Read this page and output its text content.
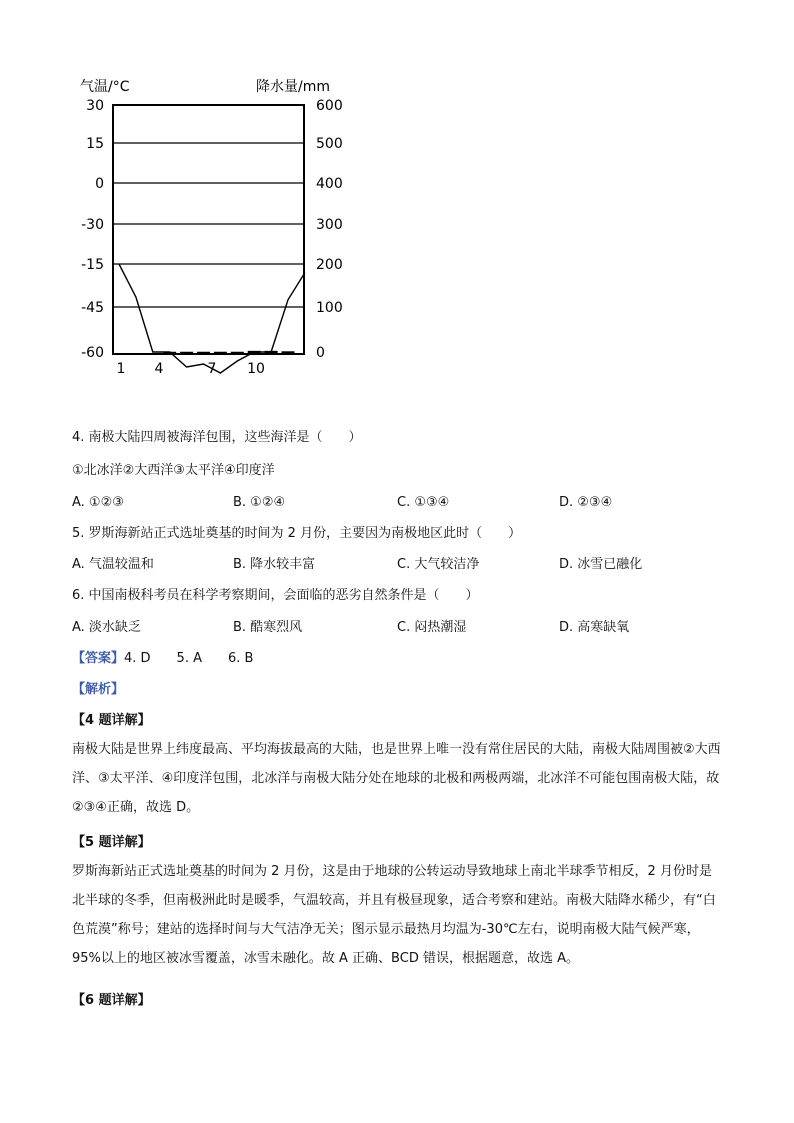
气温/°C	降水量/mm
30
15
0
-30
-15
-45
-60
600
500
400
300
200
100
0
1 4	7 10
4. 南极大陆四周被海洋包围，这些海洋是（　　）
①北冰洋②大西洋③太平洋④印度洋
A. ①②③	B. ①②④	C. ①③④	D. ②③④
5. 罗斯海新站正式选址奠基的时间为 2 月份，主要因为南极地区此时（　　）
A. 气温较温和	B. 降水较丰富	C. 大气较洁净	D. 冰雪已融化
6. 中国南极科考员在科学考察期间，会面临的恶劣自然条件是（　　）
A. 淡水缺乏	B. 酷寒烈风	C. 闷热潮湿	D. 高寒缺氧
【答案】4. D　　5. A　　6. B
【解析】
【4 题详解】
南极大陆是世界上纬度最高、平均海拔最高的大陆，也是世界上唯一没有常住居民的大陆，南极大陆周围被②大西洋、③太平洋、④印度洋包围，北冰洋与南极大陆分处在地球的北极和两极两端，北冰洋不可能包围南极大陆，故②③④正确，故选 D。
【5 题详解】
罗斯海新站正式选址奠基的时间为 2 月份，这是由于地球的公转运动导致地球上南北半球季节相反，2 月份时是北半球的冬季，但南极洲此时是暖季，气温较高，并且有极昼现象，适合考察和建站。南极大陆降水稀少，有“白色荒漠”称号；建站的选择时间与大气洁净无关；图示显示最热月均温为-30℃左右，说明南极大陆气候严寒，95%以上的地区被冰雪覆盖，冰雪未融化。故 A 正确、BCD 错误，根据题意，故选 A。
【6 题详解】
